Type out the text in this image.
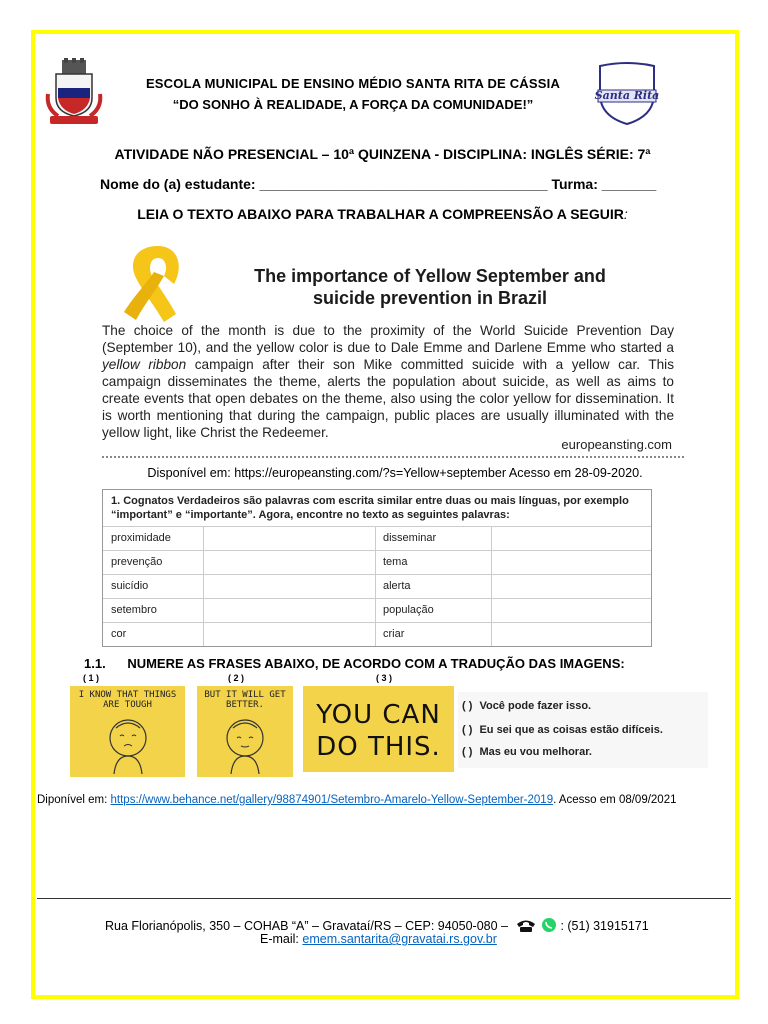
ESCOLA MUNICIPAL DE ENSINO MÉDIO SANTA RITA DE CÁSSIA
“DO SONHO À REALIDADE, A FORÇA DA COMUNIDADE!”
Santa Rita
ATIVIDADE NÃO PRESENCIAL – 10ª QUINZENA - DISCIPLINA: INGLÊS SÉRIE: 7ª
Nome do (a) estudante: _____________________________________ Turma: _______
LEIA O TEXTO ABAIXO PARA TRABALHAR A COMPREENSÃO A SEGUIR:
The importance of Yellow September and
suicide prevention in Brazil
The choice of the month is due to the proximity of the World Suicide Prevention Day (September 10), and the yellow color is due to Dale Emme and Darlene Emme who started a yellow ribbon campaign after their son Mike committed suicide with a yellow car. This campaign disseminates the theme, alerts the population about suicide, as well as aims to create events that open debates on the theme, also using the color yellow for dissemination. It is worth mentioning that during the campaign, public places are usually illuminated with the yellow light, like Christ the Redeemer.
europeansting.com
Disponível em: https://europeansting.com/?s=Yellow+september Acesso em 28-09-2020.
1. Cognatos Verdadeiros são palavras com escrita similar entre duas ou mais línguas, por exemplo “important” e “importante”. Agora, encontre no texto as seguintes palavras:
proximidade	disseminar
prevenção	tema
suicídio	alerta
setembro	população
cor	criar
1.1. NUMERE AS FRASES ABAIXO, DE ACORDO COM A TRADUÇÃO DAS IMAGENS:
( 1 )	( 2 )	( 3 )
I KNOW THAT THINGS ARE TOUGH
BUT IT WILL GET BETTER.	YOU CAN
DO THIS.
( ) Você pode fazer isso.
( ) Eu sei que as coisas estão difíceis.
( ) Mas eu vou melhorar.
Diponível em: https://www.behance.net/gallery/98874901/Setembro-Amarelo-Yellow-September-2019. Acesso em 08/09/2021
Rua Florianópolis, 350 – COHAB “A” – Gravataí/RS – CEP: 94050-080 –	: (51) 31915171
E-mail: emem.santarita@gravatai.rs.gov.br
